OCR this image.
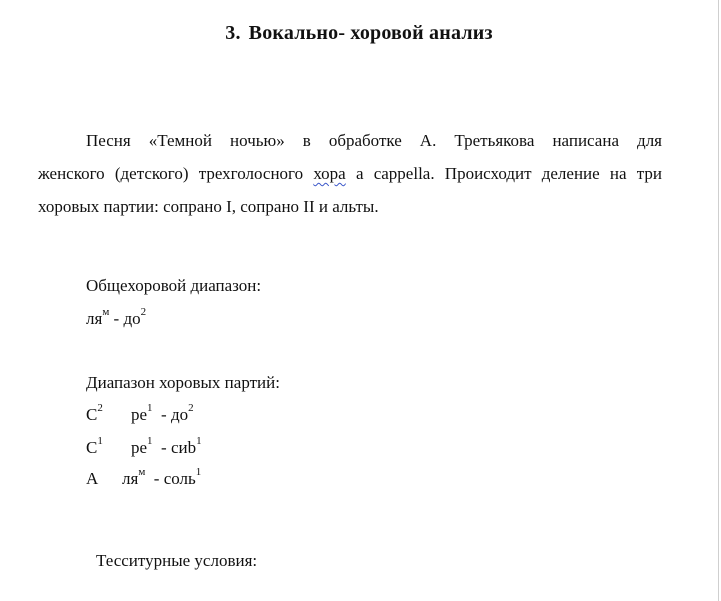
3. Вокально- хоровой анализ
Песня «Темной ночью» в обработке А. Третьякова написана для
женского (детского) трехголосного хора a cappella. Происходит деление на три
хоровых партии: сопрано I, сопрано II и альты.
Общехоровой диапазон:
$ля^м - до^2$
Диапазон хоровых партий:
$С^2$ $ре^1 - до^2$
$С^1$ $ре^1 - сиb^1$
А $ля^м$  - соль$^1$
Тесситурные условия:
